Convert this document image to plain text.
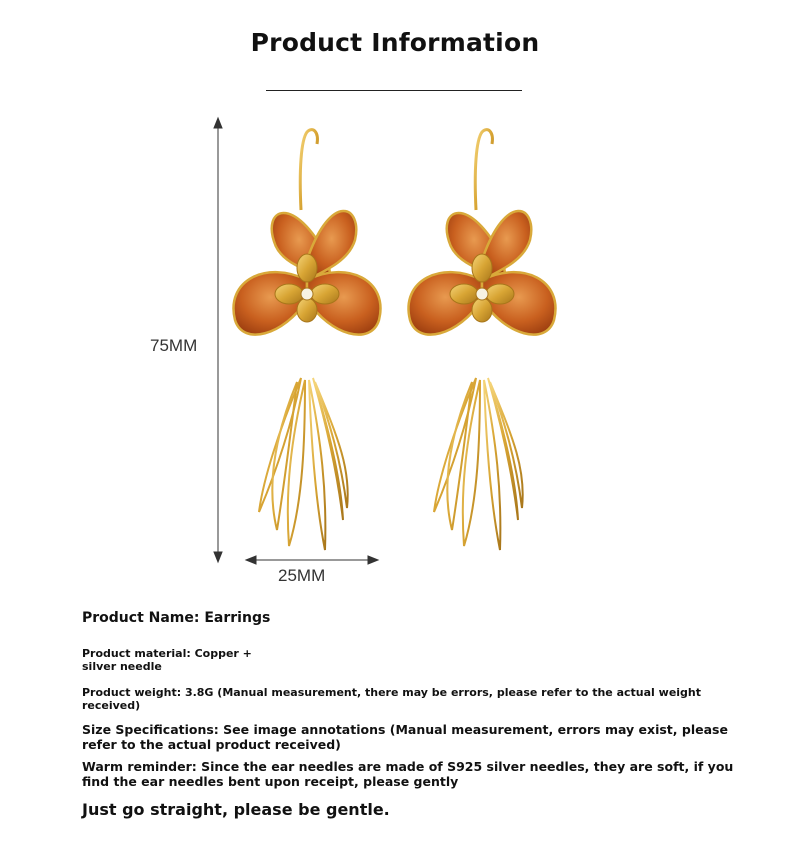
Product Information
75MM
25MM
Product Name: Earrings
Product material: Copper + silver needle
Product weight: 3.8G (Manual measurement, there may be errors, please refer to the actual weight received)
Size Specifications: See image annotations (Manual measurement, errors may exist, please refer to the actual product received)
Warm reminder: Since the ear needles are made of S925 silver needles, they are soft, if you find the ear needles bent upon receipt, please gently
Just go straight, please be gentle.
